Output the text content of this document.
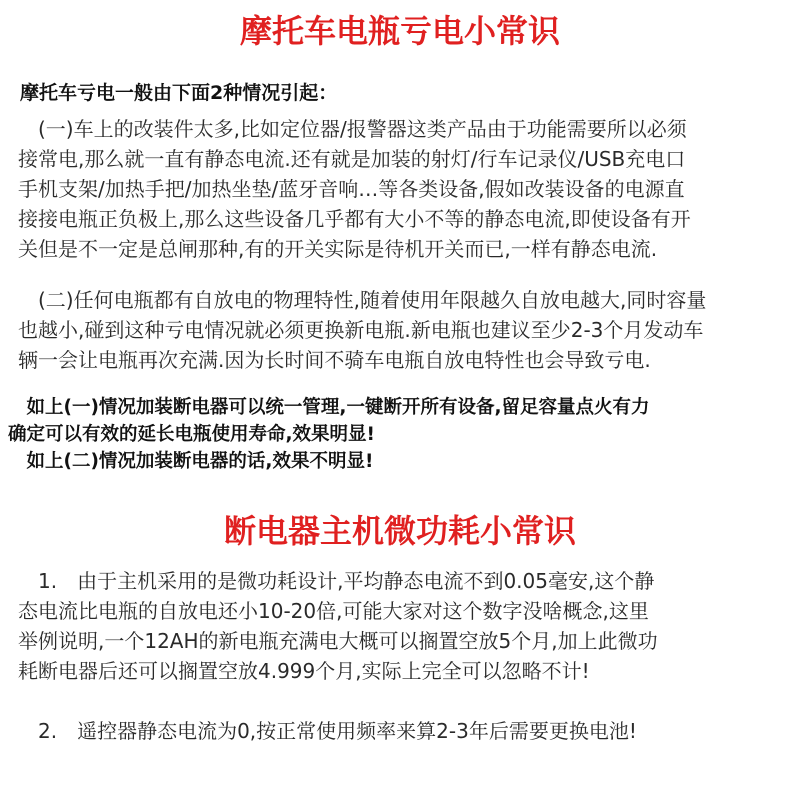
摩托车电瓶亏电小常识

摩托车亏电一般由下面2种情况引起：

　(一)车上的改装件太多,比如定位器/报警器这类产品由于功能需要所以必须
接常电,那么就一直有静态电流.还有就是加装的射灯/行车记录仪/USB充电口
手机支架/加热手把/加热坐垫/蓝牙音响…等各类设备,假如改装设备的电源直
接接电瓶正负极上,那么这些设备几乎都有大小不等的静态电流,即使设备有开
关但是不一定是总闸那种,有的开关实际是待机开关而已,一样有静态电流.
　(二)任何电瓶都有自放电的物理特性,随着使用年限越久自放电越大,同时容量
也越小,碰到这种亏电情况就必须更换新电瓶.新电瓶也建议至少2-3个月发动车
辆一会让电瓶再次充满.因为长时间不骑车电瓶自放电特性也会导致亏电.
　如上(一)情况加装断电器可以统一管理,一键断开所有设备,留足容量点火有力
确定可以有效的延长电瓶使用寿命,效果明显!
　如上(二)情况加装断电器的话,效果不明显!
断电器主机微功耗小常识
　1.　由于主机采用的是微功耗设计,平均静态电流不到0.05毫安,这个静
态电流比电瓶的自放电还小10-20倍,可能大家对这个数字没啥概念,这里
举例说明,一个12AH的新电瓶充满电大概可以搁置空放5个月,加上此微功
耗断电器后还可以搁置空放4.999个月,实际上完全可以忽略不计!
　2.　遥控器静态电流为0,按正常使用频率来算2-3年后需要更换电池!
